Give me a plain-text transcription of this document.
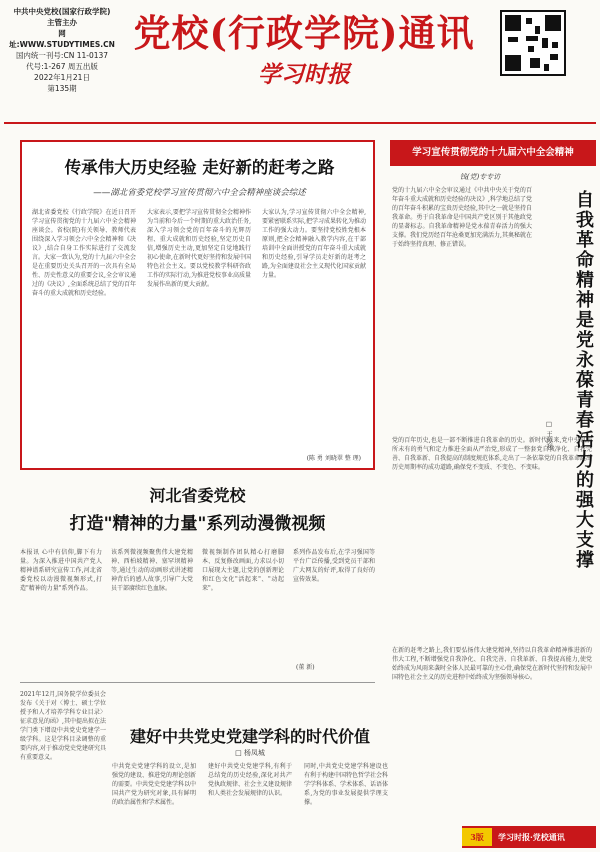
中共中央党校(国家行政学院)
主管主办
网址:WWW.STUDYTIMES.CN
国内统一刊号:CN 11-0137
代号:1-267 周五出版
2022年1月21日
第135期
党校(行政学院)通讯
学习时报
传承伟大历史经验 走好新的赶考之路
——湖北省委党校学习宣传贯彻六中全会精神座谈会综述
湖北省委党校《行政学院》在近日召开学习宣传贯彻党的十九届六中全会精神座谈会。省校(院)有关领导、教师代表围绕深入学习领会六中全会精神和《决议》,结合自身工作实际进行了交流发言。大家一致认为,党的十九届六中全会是在重要历史关头召开的一次具有全局性、历史性意义的重要会议,全会审议通过的《决议》,全面系统总结了党的百年奋斗的重大成就和历史经验。
大家表示,要把学习宣传贯彻全会精神作为当前和今后一个时期的重大政治任务,深入学习领会党的百年奋斗的光辉历程、重大成就和历史经验,坚定历史自信,增强历史主动,更加坚定自觉地践行初心使命,在新时代更好坚持和发展中国特色社会主义。要以党校教学科研咨政工作的实际行动,为推进党校事业高质量发展作出新的更大贡献。
大家认为,学习宣传贯彻六中全会精神,要紧密联系实际,把学习成果转化为推动工作的强大动力。要坚持党校姓党根本原则,把全会精神融入教学内容,在干部培训中全面讲授党的百年奋斗重大成就和历史经验,引导学员走好新的赶考之路,为全面建设社会主义现代化国家贡献力量。
(陈 勇 刘晓翠 整 理)
学习宣传贯彻党的十九届六中全会精神
钱(党)专专访
党的十九届六中全会审议通过《中共中央关于党的百年奋斗重大成就和历史经验的决议》,科学地总结了党的百年奋斗积累的宝贵历史经验,其中之一就是坚持自我革命。勇于自我革命是中国共产党区别于其他政党的显著标志。自我革命精神是党永葆青春活力的强大支撑。我们党历经百年沧桑更加充满活力,其奥秘就在于始终坚持真理、修正错误。
党的百年历史,也是一部不断推进自我革命的历史。新时代以来,党中央以前所未有的勇气和定力推进全面从严治党,形成了一整套党自我净化、自我完善、自我革新、自我提高的制度规范体系,走出了一条依靠党的自我革命跳出历史周期率的成功道路,确保党不变质、不变色、不变味。
在新的赶考之路上,我们要弘扬伟大建党精神,坚持以自我革命精神推进新的伟大工程,不断增强党自我净化、自我完善、自我革新、自我提高能力,使党始终成为风雨来袭时全体人民最可靠的主心骨,确保党在新时代坚持和发展中国特色社会主义的历史进程中始终成为坚强领导核心。
自我革命精神是党永葆青春活力的强大支撑
□ 王传利
河北省委党校
打造"精神的力量"系列动漫微视频
本报讯 心中有信仰,脚下有力量。为深入推进中国共产党人精神谱系研究宣传工作,河北省委党校以动漫微视频形式,打造"精神的力量"系列作品。
该系列微视频聚焦伟大建党精神、西柏坡精神、塞罕坝精神等,通过生动的动画形式讲述精神背后的感人故事,引导广大党员干部赓续红色血脉。
微视频制作团队精心打磨脚本、反复修改画面,力求以小切口展现大主题,让党的创新理论和红色文化"活起来"、"动起来"。
系列作品发布后,在学习强国等平台广泛传播,受到党员干部和广大网友的好评,取得了良好的宣传效果。
(董 新)
2021年12月,国务院学位委员会发布《关于对〈博士、硕士学位授予和人才培养学科专业目录〉征求意见的函》,其中提出拟在法学门类下增设中共党史党建学一级学科。这是学科目录调整的重要内容,对于推动党史党建研究具有重要意义。
建好中共党史党建学科的时代价值
□ 杨凤城
中共党史党建学科的设立,是加强党的建设、推进党的理论创新的需要。中共党史党建学科以中国共产党为研究对象,具有鲜明的政治属性和学术属性。
建好中共党史党建学科,有利于总结党的历史经验,深化对共产党执政规律、社会主义建设规律和人类社会发展规律的认识。
同时,中共党史党建学科建设也有利于构建中国特色哲学社会科学学科体系、学术体系、话语体系,为党的事业发展提供学理支撑。
学习时报·党校通讯
3版
